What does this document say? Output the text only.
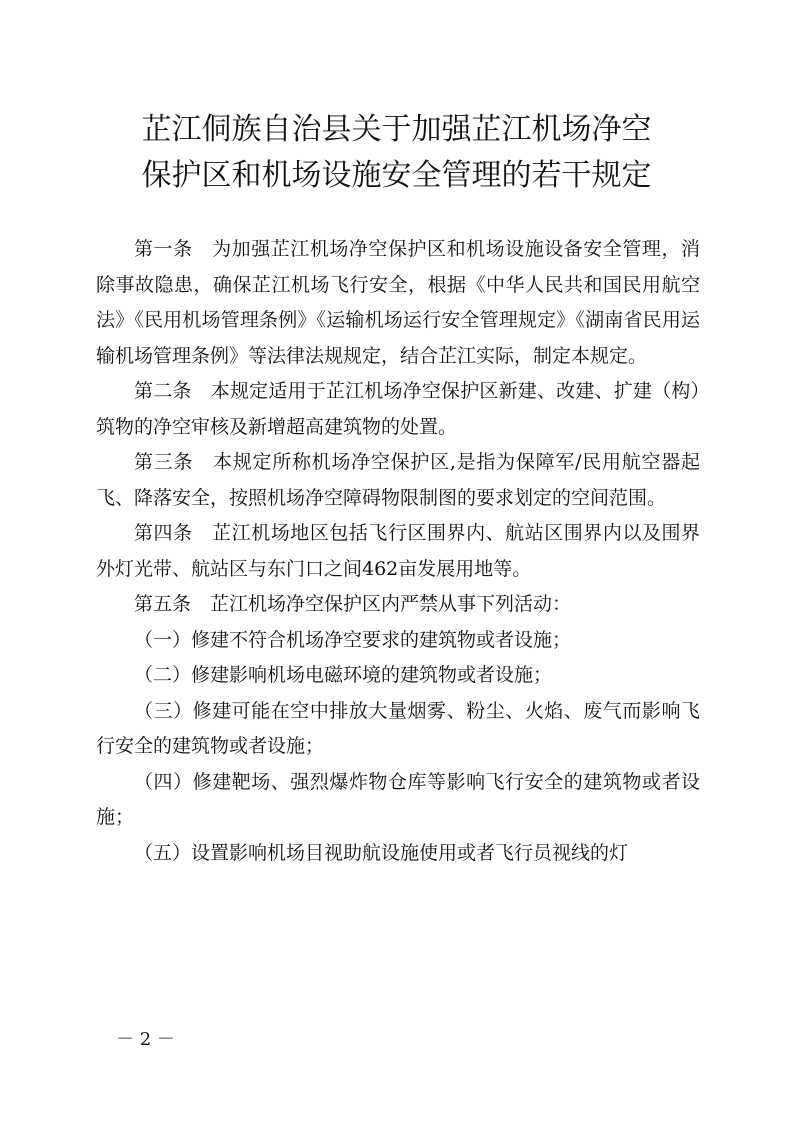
芷江侗族自治县关于加强芷江机场净空
保护区和机场设施安全管理的若干规定

第一条　为加强芷江机场净空保护区和机场设施设备安全管理，消除事故隐患，确保芷江机场飞行安全，根据《中华人民共和国民用航空法》《民用机场管理条例》《运输机场运行安全管理规定》《湖南省民用运输机场管理条例》等法律法规规定，结合芷江实际，制定本规定。

第二条　本规定适用于芷江机场净空保护区新建、改建、扩建（构）筑物的净空审核及新增超高建筑物的处置。

第三条　本规定所称机场净空保护区,是指为保障军/民用航空器起飞、降落安全，按照机场净空障碍物限制图的要求划定的空间范围。

第四条　芷江机场地区包括飞行区围界内、航站区围界内以及围界外灯光带、航站区与东门口之间462亩发展用地等。

第五条　芷江机场净空保护区内严禁从事下列活动：

（一）修建不符合机场净空要求的建筑物或者设施；

（二）修建影响机场电磁环境的建筑物或者设施；

（三）修建可能在空中排放大量烟雾、粉尘、火焰、废气而影响飞行安全的建筑物或者设施；

（四）修建靶场、强烈爆炸物仓库等影响飞行安全的建筑物或者设施；

（五）设置影响机场目视助航设施使用或者飞行员视线的灯

－ 2 －
